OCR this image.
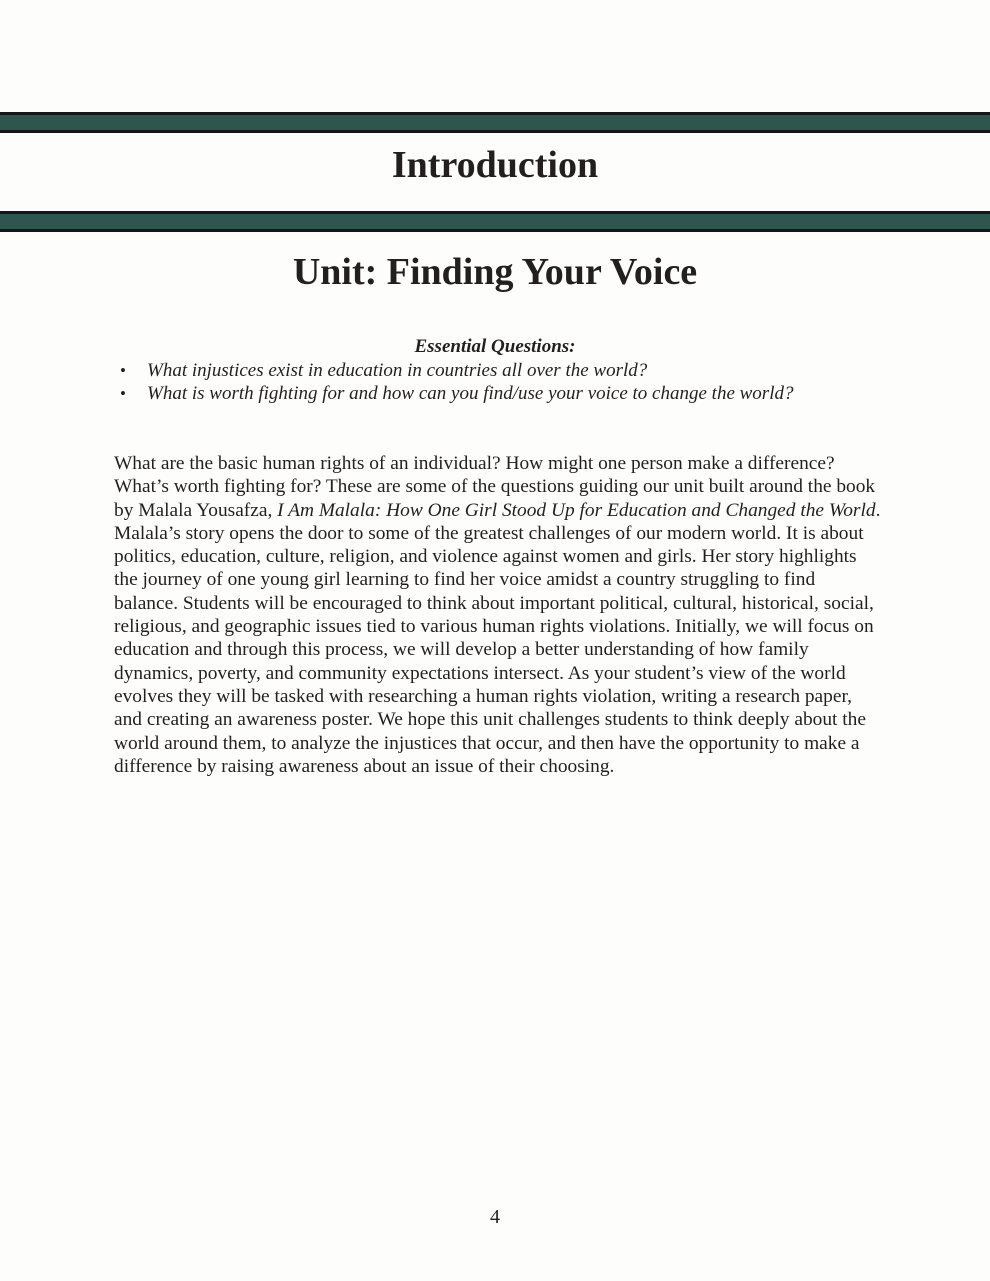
Introduction
Unit: Finding Your Voice

Essential Questions:

•	What injustices exist in education in countries all over the world?
•	What is worth fighting for and how can you find/use your voice to change the world?

What are the basic human rights of an individual? How might one person make a difference? What’s worth fighting for? These are some of the questions guiding our unit built around the book by Malala Yousafza, I Am Malala: How One Girl Stood Up for Education and Changed the World. Malala’s story opens the door to some of the greatest challenges of our modern world. It is about politics, education, culture, religion, and violence against women and girls. Her story highlights the journey of one young girl learning to find her voice amidst a country struggling to find balance. Students will be encouraged to think about important political, cultural, historical, social, religious, and geographic issues tied to various human rights violations. Initially, we will focus on education and through this process, we will develop a better understanding of how family dynamics, poverty, and community expectations intersect. As your student’s view of the world evolves they will be tasked with researching a human rights violation, writing a research paper, and creating an awareness poster. We hope this unit challenges students to think deeply about the world around them, to analyze the injustices that occur, and then have the opportunity to make a difference by raising awareness about an issue of their choosing.

4
